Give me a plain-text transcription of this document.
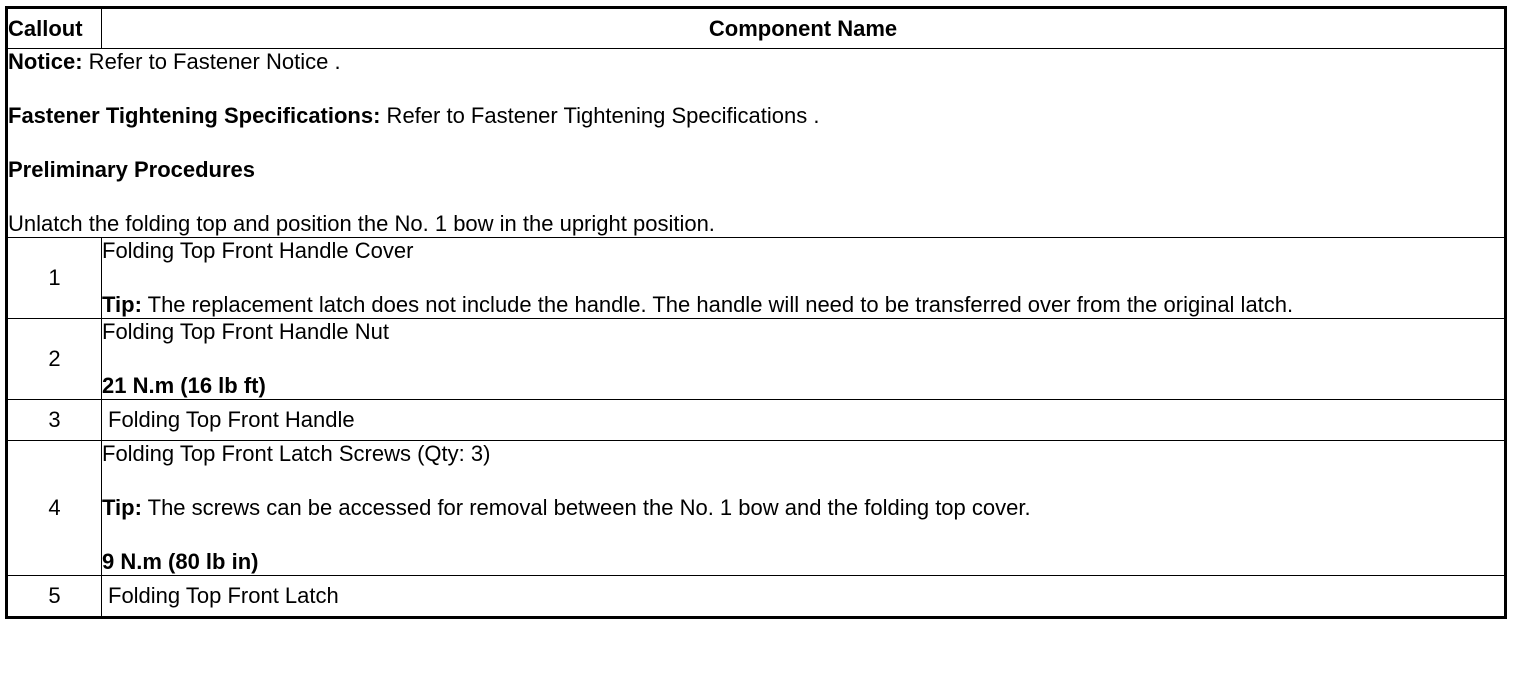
Callout	Component Name

Notice: Refer to Fastener Notice .

Fastener Tightening Specifications: Refer to Fastener Tightening Specifications .

Preliminary Procedures

Unlatch the folding top and position the No. 1 bow in the upright position.	

1	Folding Top Front Handle Cover

Tip: The replacement latch does not include the handle. The handle will need to be transferred over from the original latch.

2	Folding Top Front Handle Nut

21 N.m (16 lb ft)

3	Folding Top Front Handle

4	Folding Top Front Latch Screws (Qty: 3)

Tip: The screws can be accessed for removal between the No. 1 bow and the folding top cover.

9 N.m (80 lb in)

5	Folding Top Front Latch
